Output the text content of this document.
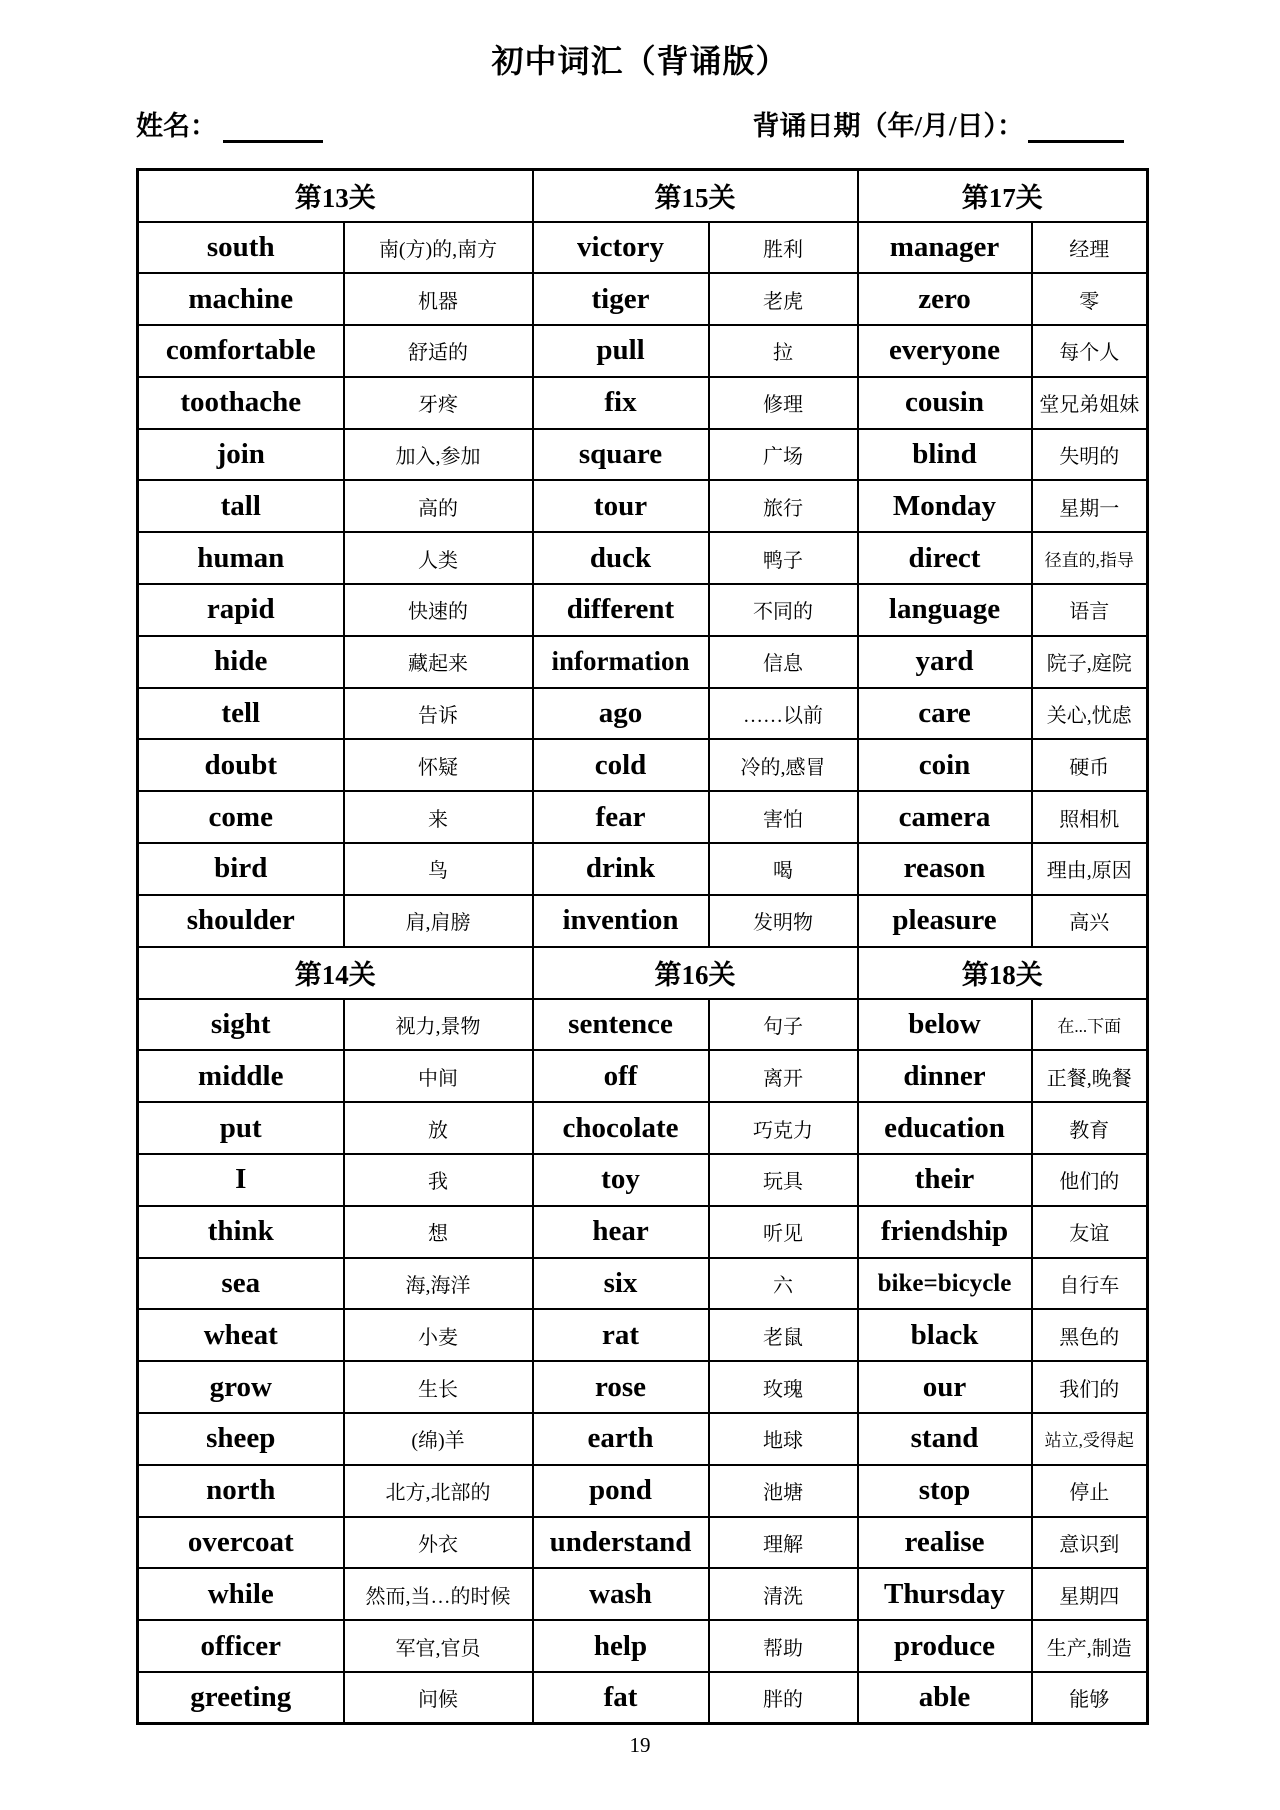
初中词汇（背诵版）
姓名：	背诵日期（年/月/日）：
第13关		第15关		第17关	
south	南(方)的,南方	victory	胜利	manager	经理
machine	机器	tiger	老虎	zero	零
comfortable	舒适的	pull	拉	everyone	每个人
toothache	牙疼	fix	修理	cousin	堂兄弟姐妹
join	加入,参加	square	广场	blind	失明的
tall	高的	tour	旅行	Monday	星期一
human	人类	duck	鸭子	direct	径直的,指导
rapid	快速的	different	不同的	language	语言
hide	藏起来	information	信息	yard	院子,庭院
tell	告诉	ago	……以前	care	关心,忧虑
doubt	怀疑	cold	冷的,感冒	coin	硬币
come	来	fear	害怕	camera	照相机
bird	鸟	drink	喝	reason	理由,原因
shoulder	肩,肩膀	invention	发明物	pleasure	高兴
第14关		第16关		第18关	
sight	视力,景物	sentence	句子	below	在...下面
middle	中间	off	离开	dinner	正餐,晚餐
put	放	chocolate	巧克力	education	教育
I	我	toy	玩具	their	他们的
think	想	hear	听见	friendship	友谊
sea	海,海洋	six	六	bike=bicycle	自行车
wheat	小麦	rat	老鼠	black	黑色的
grow	生长	rose	玫瑰	our	我们的
sheep	(绵)羊	earth	地球	stand	站立,受得起
north	北方,北部的	pond	池塘	stop	停止
overcoat	外衣	understand	理解	realise	意识到
while	然而,当…的时候	wash	清洗	Thursday	星期四
officer	军官,官员	help	帮助	produce	生产,制造
greeting	问候	fat	胖的	able	能够
19
